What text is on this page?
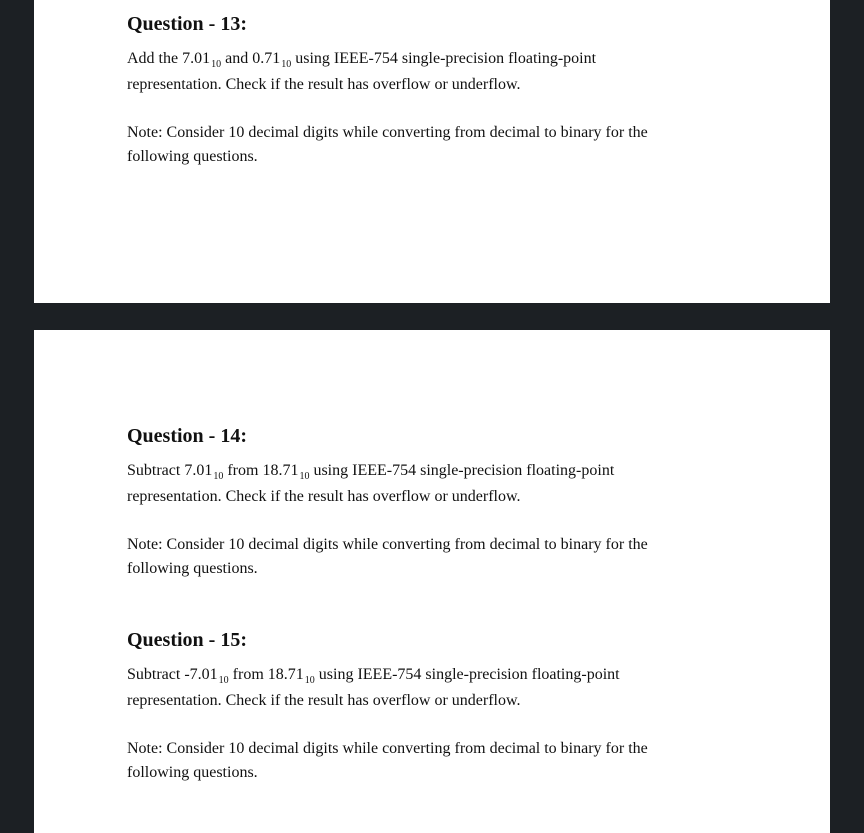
Question - 13:
Add the $7.01_{10}$ and $0.71_{10}$ using IEEE-754 single-precision floating-point
representation. Check if the result has overflow or underflow.
Note: Consider 10 decimal digits while converting from decimal to binary for the
following questions.
Question - 14:
Subtract $7.01_{10}$ from $18.71_{10}$ using IEEE-754 single-precision floating-point
representation. Check if the result has overflow or underflow.
Note: Consider 10 decimal digits while converting from decimal to binary for the
following questions.
Question - 15:
Subtract $-7.01_{10}$ from $18.71_{10}$ using IEEE-754 single-precision floating-point
representation. Check if the result has overflow or underflow.
Note: Consider 10 decimal digits while converting from decimal to binary for the
following questions.
